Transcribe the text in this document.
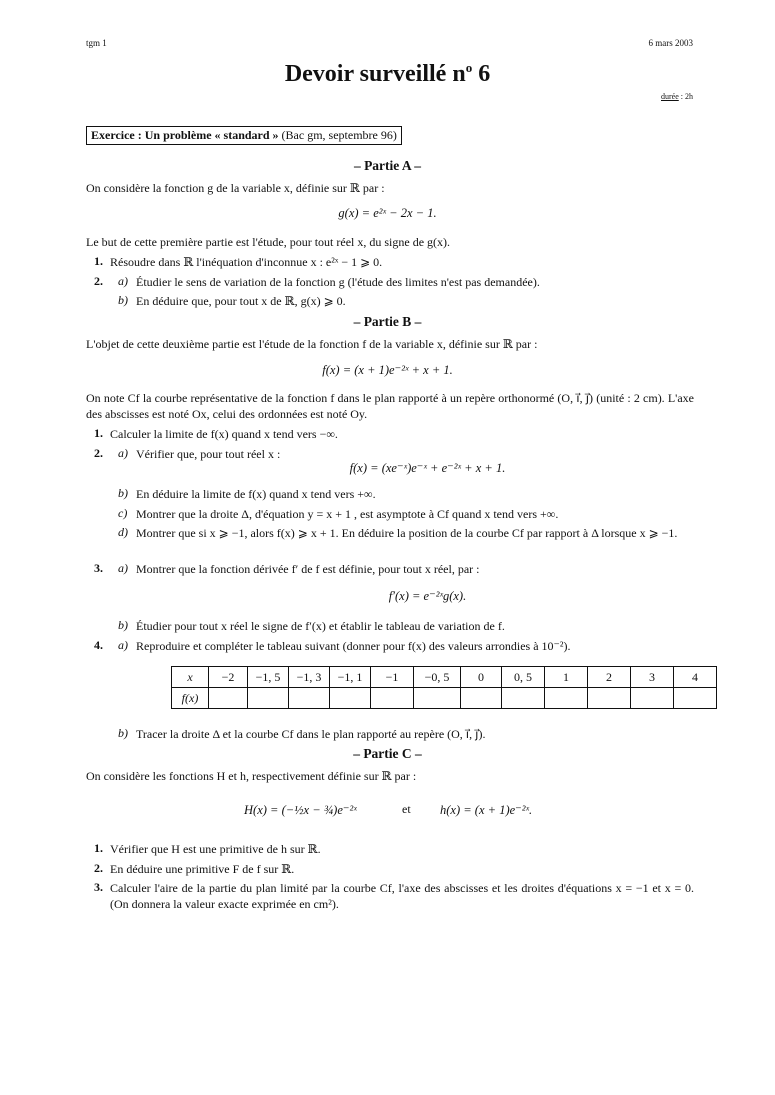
tgm 1	6 mars 2003
Devoir surveillé $n^o$ 6
durée : 2h
Exercice : Un problème « standard » (Bac gm, septembre 96)
– Partie A –
On considère la fonction g de la variable x, définie sur ℝ par :
g(x) = e²ˣ − 2x − 1.
Le but de cette première partie est l'étude, pour tout réel x, du signe de g(x).
1. Résoudre dans ℝ l'inéquation d'inconnue x : e²ˣ − 1 ⩾ 0.
2. a) Étudier le sens de variation de la fonction g (l'étude des limites n'est pas demandée).
b) En déduire que, pour tout x de ℝ, g(x) ⩾ 0.
– Partie B –
L'objet de cette deuxième partie est l'étude de la fonction f de la variable x, définie sur ℝ par :
f(x) = (x + 1)e⁻²ˣ + x + 1.
On note Cf la courbe représentative de la fonction f dans le plan rapporté à un repère orthonormé (O, i⃗, j⃗) (unité : 2 cm). L'axe des abscisses est noté Ox, celui des ordonnées est noté Oy.
1. Calculer la limite de f(x) quand x tend vers −∞.
2. a) Vérifier que, pour tout réel x :
f(x) = (xe⁻ˣ)e⁻ˣ + e⁻²ˣ + x + 1.
b) En déduire la limite de f(x) quand x tend vers +∞.
c) Montrer que la droite Δ, d'équation y = x + 1 , est asymptote à Cf quand x tend vers +∞.
d) Montrer que si x ⩾ −1, alors f(x) ⩾ x + 1. En déduire la position de la courbe Cf par rapport à Δ lorsque x ⩾ −1.
3. a) Montrer que la fonction dérivée f′ de f est définie, pour tout x réel, par :
f′(x) = e⁻²ˣg(x).
b) Étudier pour tout x réel le signe de f′(x) et établir le tableau de variation de f.
4. a) Reproduire et compléter le tableau suivant (donner pour f(x) des valeurs arrondies à 10⁻²).
x	−2	−1, 5	−1, 3	−1, 1	−1	−0, 5	0	0, 5	1	2	3	4
f(x)												
b) Tracer la droite Δ et la courbe Cf dans le plan rapporté au repère (O, i⃗, j⃗).
– Partie C –
On considère les fonctions H et h, respectivement définie sur ℝ par :
H(x) = (−½x − ¾)e⁻²ˣ	et h(x) = (x + 1)e⁻²ˣ.
1. Vérifier que H est une primitive de h sur ℝ.
2. En déduire une primitive F de f sur ℝ.
3. Calculer l'aire de la partie du plan limité par la courbe Cf, l'axe des abscisses et les droites d'équations x = −1 et x = 0. (On donnera la valeur exacte exprimée en cm²).
